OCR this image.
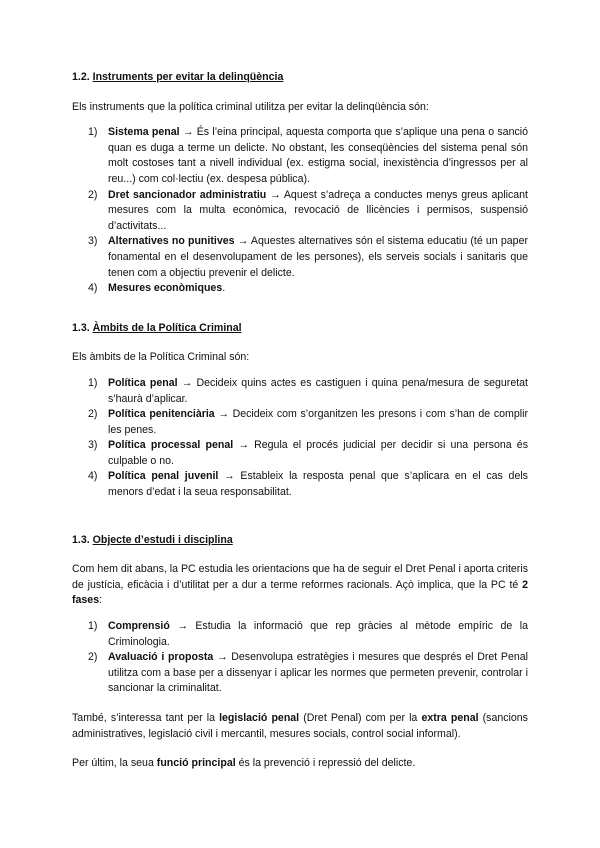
1.2. Instruments per evitar la delinqüència

Els instruments que la política criminal utilitza per evitar la delinqüència són:

1) Sistema penal → És l’eina principal, aquesta comporta que s’aplique una pena o sanció quan es duga a terme un delicte. No obstant, les conseqüències del sistema penal són molt costoses tant a nivell individual (ex. estigma social, inexistència d’ingressos per al reu...) com col·lectiu (ex. despesa pública).
2) Dret sancionador administratiu → Aquest s’adreça a conductes menys greus aplicant mesures com la multa econòmica, revocació de llicències i permisos, suspensió d’activitats...
3) Alternatives no punitives → Aquestes alternatives són el sistema educatiu (té un paper fonamental en el desenvolupament de les persones), els serveis socials i sanitaris que tenen com a objectiu prevenir el delicte.
4) Mesures econòmiques.
1.3. Àmbits de la Política Criminal

Els àmbits de la Política Criminal són:

1) Política penal → Decideix quins actes es castiguen i quina pena/mesura de seguretat s’haurà d’aplicar.
2) Política penitenciària → Decideix com s’organitzen les presons i com s’han de complir les penes.
3) Política processal penal → Regula el procés judicial per decidir si una persona és culpable o no.
4) Política penal juvenil → Estableix la resposta penal que s’aplicara en el cas dels menors d’edat i la seua responsabilitat.
1.3. Objecte d’estudi i disciplina

Com hem dit abans, la PC estudia les orientacions que ha de seguir el Dret Penal i aporta criteris de justícia, eficàcia i d’utilitat per a dur a terme reformes racionals. Açò implica, que la PC té 2 fases:

1) Comprensió → Estudia la informació que rep gràcies al mètode empíric de la Criminologia.
2) Avaluació i proposta → Desenvolupa estratègies i mesures que després el Dret Penal utilitza com a base per a dissenyar i aplicar les normes que permeten prevenir, controlar i sancionar la criminalitat.

També, s’interessa tant per la legislació penal (Dret Penal) com per la extra penal (sancions administratives, legislació civil i mercantil, mesures socials, control social informal).

Per últim, la seua funció principal és la prevenció i repressió del delicte.
